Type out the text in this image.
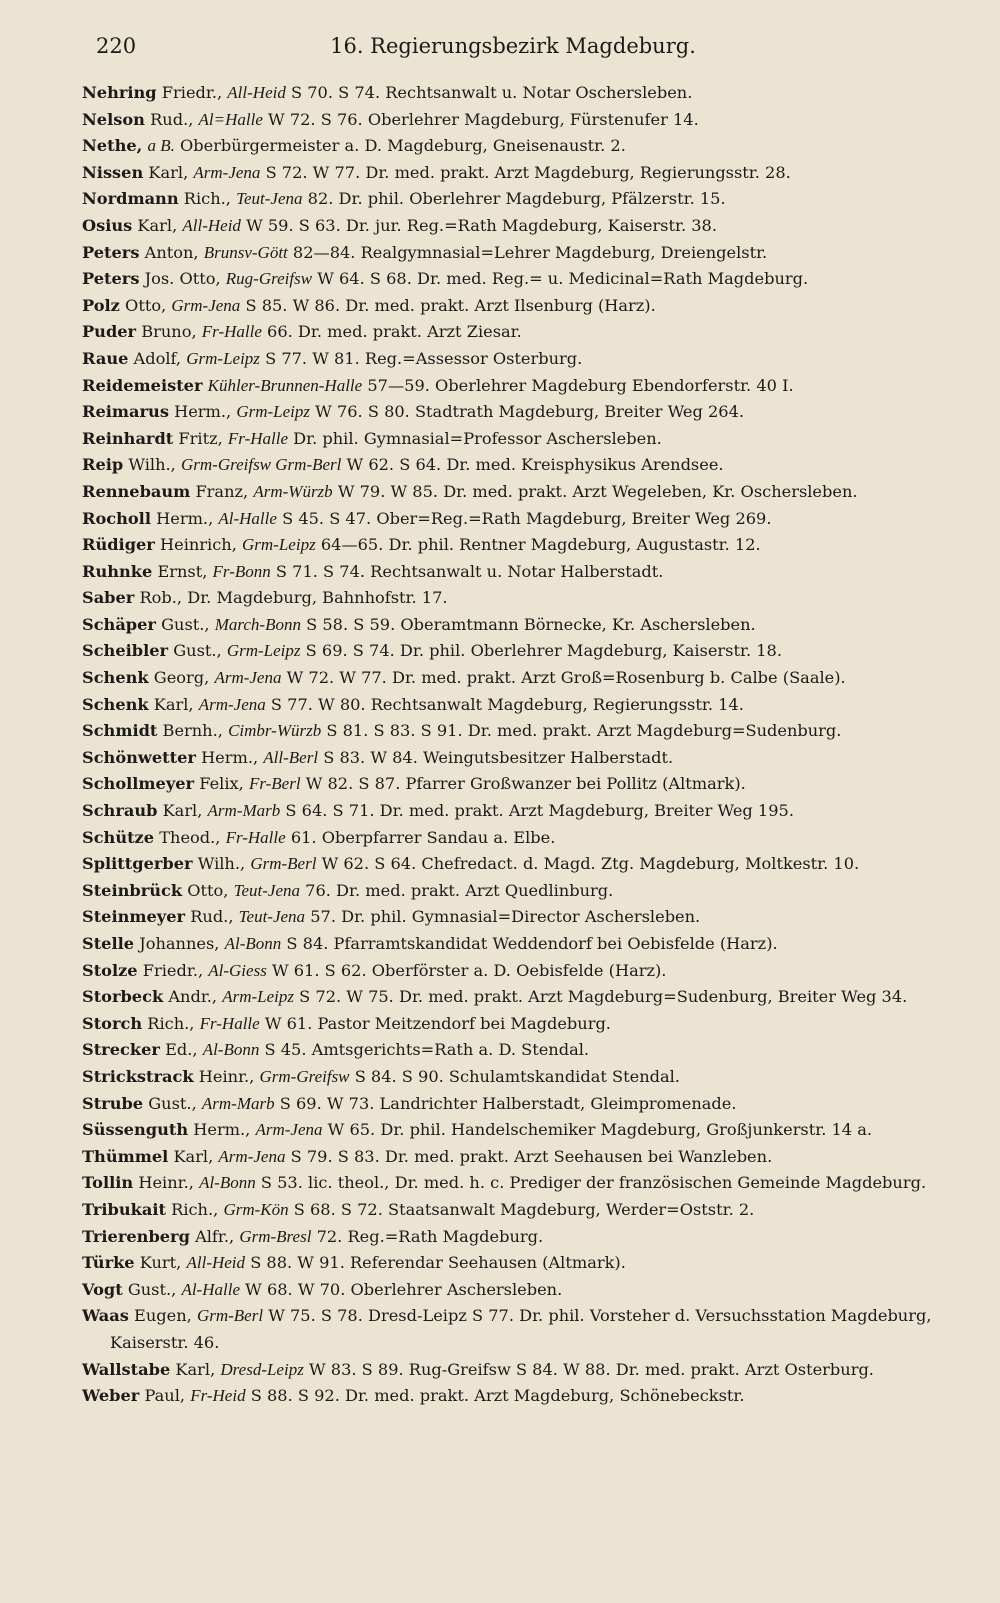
220	16. Regierungsbezirk Magdeburg.
Nehring Friedr., All-Heid S 70. S 74. Rechtsanwalt u. Notar Oschersleben.
Nelson Rud., Al=Halle W 72. S 76. Oberlehrer Magdeburg, Fürstenufer 14.
Nethe, a B. Oberbürgermeister a. D. Magdeburg, Gneisenaustr. 2.
Nissen Karl, Arm-Jena S 72. W 77. Dr. med. prakt. Arzt Magdeburg, Regierungsstr. 28.
Nordmann Rich., Teut-Jena 82. Dr. phil. Oberlehrer Magdeburg, Pfälzerstr. 15.
Osius Karl, All-Heid W 59. S 63. Dr. jur. Reg.=Rath Magdeburg, Kaiserstr. 38.
Peters Anton, Brunsv-Gött 82—84. Realgymnasial=Lehrer Magdeburg, Dreiengelstr.
Peters Jos. Otto, Rug-Greifsw W 64. S 68. Dr. med. Reg.= u. Medicinal=Rath Magdeburg.
Polz Otto, Grm-Jena S 85. W 86. Dr. med. prakt. Arzt Ilsenburg (Harz).
Puder Bruno, Fr-Halle 66. Dr. med. prakt. Arzt Ziesar.
Raue Adolf, Grm-Leipz S 77. W 81. Reg.=Assessor Osterburg.
Reidemeister Kühler-Brunnen-Halle 57—59. Oberlehrer Magdeburg Ebendorferstr. 40 I.
Reimarus Herm., Grm-Leipz W 76. S 80. Stadtrath Magdeburg, Breiter Weg 264.
Reinhardt Fritz, Fr-Halle Dr. phil. Gymnasial=Professor Aschersleben.
Reip Wilh., Grm-Greifsw Grm-Berl W 62. S 64. Dr. med. Kreisphysikus Arendsee.
Rennebaum Franz, Arm-Würzb W 79. W 85. Dr. med. prakt. Arzt Wegeleben, Kr. Oschersleben.
Rocholl Herm., Al-Halle S 45. S 47. Ober=Reg.=Rath Magdeburg, Breiter Weg 269.
Rüdiger Heinrich, Grm-Leipz 64—65. Dr. phil. Rentner Magdeburg, Augustastr. 12.
Ruhnke Ernst, Fr-Bonn S 71. S 74. Rechtsanwalt u. Notar Halberstadt.
Saber Rob., Dr. Magdeburg, Bahnhofstr. 17.
Schäper Gust., March-Bonn S 58. S 59. Oberamtmann Börnecke, Kr. Aschersleben.
Scheibler Gust., Grm-Leipz S 69. S 74. Dr. phil. Oberlehrer Magdeburg, Kaiserstr. 18.
Schenk Georg, Arm-Jena W 72. W 77. Dr. med. prakt. Arzt Groß=Rosenburg b. Calbe (Saale).
Schenk Karl, Arm-Jena S 77. W 80. Rechtsanwalt Magdeburg, Regierungsstr. 14.
Schmidt Bernh., Cimbr-Würzb S 81. S 83. S 91. Dr. med. prakt. Arzt Magdeburg=Sudenburg.
Schönwetter Herm., All-Berl S 83. W 84. Weingutsbesitzer Halberstadt.
Schollmeyer Felix, Fr-Berl W 82. S 87. Pfarrer Großwanzer bei Pollitz (Altmark).
Schraub Karl, Arm-Marb S 64. S 71. Dr. med. prakt. Arzt Magdeburg, Breiter Weg 195.
Schütze Theod., Fr-Halle 61. Oberpfarrer Sandau a. Elbe.
Splittgerber Wilh., Grm-Berl W 62. S 64. Chefredact. d. Magd. Ztg. Magdeburg, Moltkestr. 10.
Steinbrück Otto, Teut-Jena 76. Dr. med. prakt. Arzt Quedlinburg.
Steinmeyer Rud., Teut-Jena 57. Dr. phil. Gymnasial=Director Aschersleben.
Stelle Johannes, Al-Bonn S 84. Pfarramtskandidat Weddendorf bei Oebisfelde (Harz).
Stolze Friedr., Al-Giess W 61. S 62. Oberförster a. D. Oebisfelde (Harz).
Storbeck Andr., Arm-Leipz S 72. W 75. Dr. med. prakt. Arzt Magdeburg=Sudenburg, Breiter Weg 34.
Storch Rich., Fr-Halle W 61. Pastor Meitzendorf bei Magdeburg.
Strecker Ed., Al-Bonn S 45. Amtsgerichts=Rath a. D. Stendal.
Strickstrack Heinr., Grm-Greifsw S 84. S 90. Schulamtskandidat Stendal.
Strube Gust., Arm-Marb S 69. W 73. Landrichter Halberstadt, Gleimpromenade.
Süssenguth Herm., Arm-Jena W 65. Dr. phil. Handelschemiker Magdeburg, Großjunkerstr. 14 a.
Thümmel Karl, Arm-Jena S 79. S 83. Dr. med. prakt. Arzt Seehausen bei Wanzleben.
Tollin Heinr., Al-Bonn S 53. lic. theol., Dr. med. h. c. Prediger der französischen Gemeinde Magdeburg.
Tribukait Rich., Grm-Kön S 68. S 72. Staatsanwalt Magdeburg, Werder=Oststr. 2.
Trierenberg Alfr., Grm-Bresl 72. Reg.=Rath Magdeburg.
Türke Kurt, All-Heid S 88. W 91. Referendar Seehausen (Altmark).
Vogt Gust., Al-Halle W 68. W 70. Oberlehrer Aschersleben.
Waas Eugen, Grm-Berl W 75. S 78. Dresd-Leipz S 77. Dr. phil. Vorsteher d. Versuchsstation Magdeburg, Kaiserstr. 46.
Wallstabe Karl, Dresd-Leipz W 83. S 89. Rug-Greifsw S 84. W 88. Dr. med. prakt. Arzt Osterburg.
Weber Paul, Fr-Heid S 88. S 92. Dr. med. prakt. Arzt Magdeburg, Schönebeckstr.
